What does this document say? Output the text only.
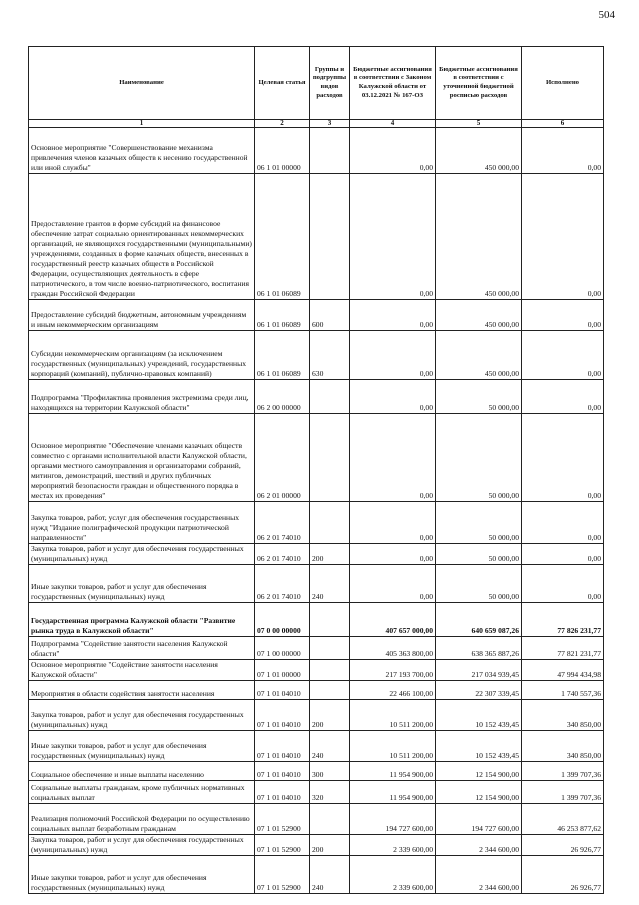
504
Наименование	Целевая статья	Группы и подгруппы видов расходов	Бюджетные ассигнования в соответствии с Законом Калужской области от 03.12.2021 № 167-ОЗ	Бюджетные ассигнования в соответствии с уточненной бюджетной росписью расходов	Исполнено
1	2	3	4	5	6
Основное мероприятие "Совершенствование механизма привлечения членов казачьих обществ к несению государственной или иной службы"	06 1 01 00000		0,00	450 000,00	0,00
Предоставление грантов в форме субсидий на финансовое обеспечение затрат социально ориентированных некоммерческих организаций, не являющихся государственными (муниципальными) учреждениями, созданных в форме казачьих обществ, внесенных в государственный реестр казачьих обществ в Российской Федерации, осуществляющих деятельность в сфере патриотического, в том числе военно-патриотического, воспитания граждан Российской Федерации	06 1 01 06089		0,00	450 000,00	0,00
Предоставление субсидий бюджетным, автономным учреждениям и иным некоммерческим организациям	06 1 01 06089	600	0,00	450 000,00	0,00
Субсидии некоммерческим организациям (за исключением государственных (муниципальных) учреждений, государственных корпораций (компаний), публично-правовых компаний)	06 1 01 06089	630	0,00	450 000,00	0,00
Подпрограмма "Профилактика проявления экстремизма среди лиц, находящихся на территории Калужской области"	06 2 00 00000		0,00	50 000,00	0,00
Основное мероприятие "Обеспечение членами казачьих обществ совместно с органами исполнительной власти Калужской области, органами местного самоуправления и организаторами собраний, митингов, демонстраций, шествий и других публичных мероприятий безопасности граждан и общественного порядка в местах их проведения"	06 2 01 00000		0,00	50 000,00	0,00
Закупка товаров, работ, услуг для обеспечения государственных нужд "Издание полиграфической продукции патриотической направленности"	06 2 01 74010		0,00	50 000,00	0,00
Закупка товаров, работ и услуг для обеспечения государственных (муниципальных) нужд	06 2 01 74010	200	0,00	50 000,00	0,00
Иные закупки товаров, работ и услуг для обеспечения государственных (муниципальных) нужд	06 2 01 74010	240	0,00	50 000,00	0,00
Государственная программа Калужской области "Развитие рынка труда в Калужской области"	07 0 00 00000		407 657 000,00	640 659 087,26	77 826 231,77
Подпрограмма "Содействие занятости населения Калужской области"	07 1 00 00000		405 363 800,00	638 365 887,26	77 821 231,77
Основное мероприятие "Содействие занятости населения Калужской области"	07 1 01 00000		217 193 700,00	217 034 939,45	47 994 434,98
Мероприятия в области содействия занятости населения	07 1 01 04010		22 466 100,00	22 307 339,45	1 740 557,36
Закупка товаров, работ и услуг для обеспечения государственных (муниципальных) нужд	07 1 01 04010	200	10 511 200,00	10 152 439,45	340 850,00
Иные закупки товаров, работ и услуг для обеспечения государственных (муниципальных) нужд	07 1 01 04010	240	10 511 200,00	10 152 439,45	340 850,00
Социальное обеспечение и иные выплаты населению	07 1 01 04010	300	11 954 900,00	12 154 900,00	1 399 707,36
Социальные выплаты гражданам, кроме публичных нормативных социальных выплат	07 1 01 04010	320	11 954 900,00	12 154 900,00	1 399 707,36
Реализация полномочий Российской Федерации по осуществлению социальных выплат безработным гражданам	07 1 01 52900		194 727 600,00	194 727 600,00	46 253 877,62
Закупка товаров, работ и услуг для обеспечения государственных (муниципальных) нужд	07 1 01 52900	200	2 339 600,00	2 344 600,00	26 926,77
Иные закупки товаров, работ и услуг для обеспечения государственных (муниципальных) нужд	07 1 01 52900	240	2 339 600,00	2 344 600,00	26 926,77
